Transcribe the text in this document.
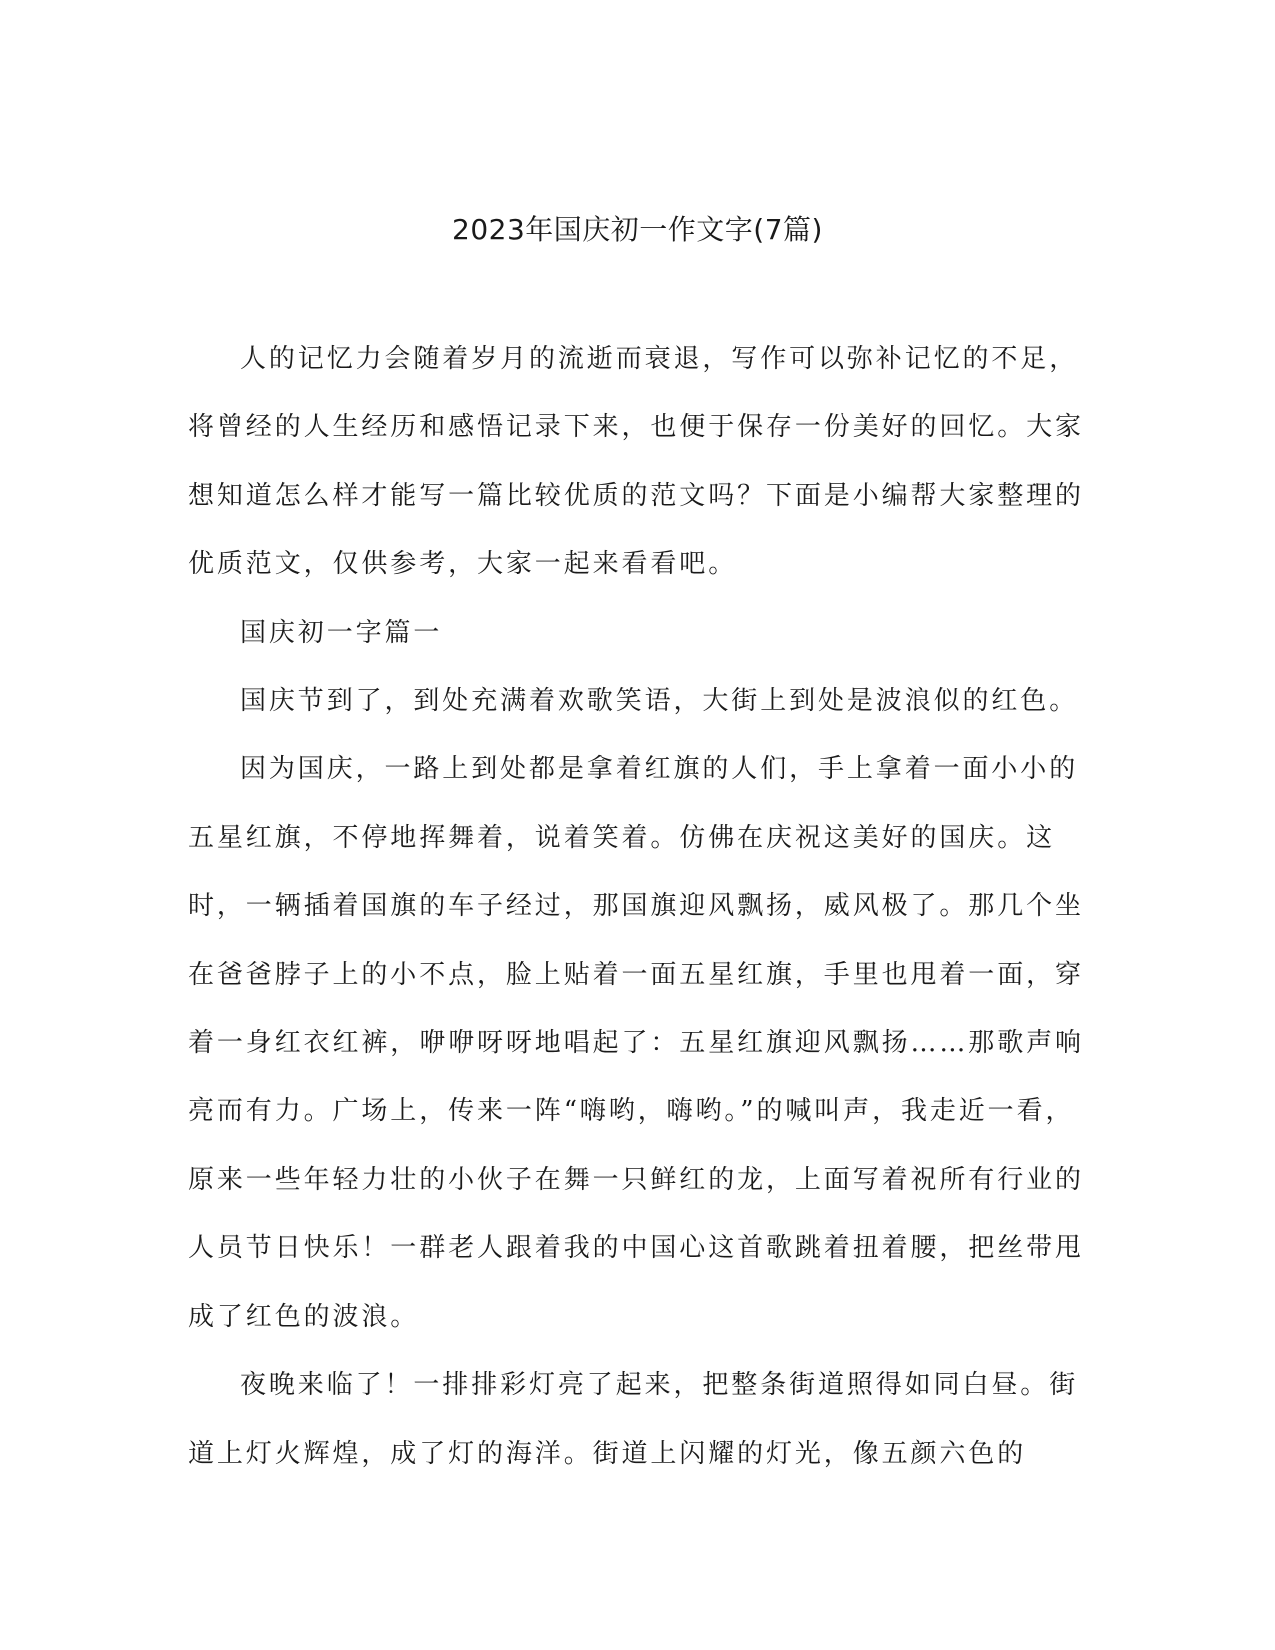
2023年国庆初一作文字(7篇)

人的记忆力会随着岁月的流逝而衰退，写作可以弥补记忆的不足，将曾经的人生经历和感悟记录下来，也便于保存一份美好的回忆。大家想知道怎么样才能写一篇比较优质的范文吗？下面是小编帮大家整理的优质范文，仅供参考，大家一起来看看吧。

国庆初一字篇一

国庆节到了，到处充满着欢歌笑语，大街上到处是波浪似的红色。

因为国庆，一路上到处都是拿着红旗的人们，手上拿着一面小小的五星红旗，不停地挥舞着，说着笑着。仿佛在庆祝这美好的国庆。这时，一辆插着国旗的车子经过，那国旗迎风飘扬，威风极了。那几个坐在爸爸脖子上的小不点，脸上贴着一面五星红旗，手里也甩着一面，穿着一身红衣红裤，咿咿呀呀地唱起了：五星红旗迎风飘扬……那歌声响亮而有力。广场上，传来一阵“嗨哟，嗨哟。”的喊叫声，我走近一看，原来一些年轻力壮的小伙子在舞一只鲜红的龙，上面写着祝所有行业的人员节日快乐！一群老人跟着我的中国心这首歌跳着扭着腰，把丝带甩成了红色的波浪。

夜晚来临了！一排排彩灯亮了起来，把整条街道照得如同白昼。街道上灯火辉煌，成了灯的海洋。街道上闪耀的灯光，像五颜六色的
